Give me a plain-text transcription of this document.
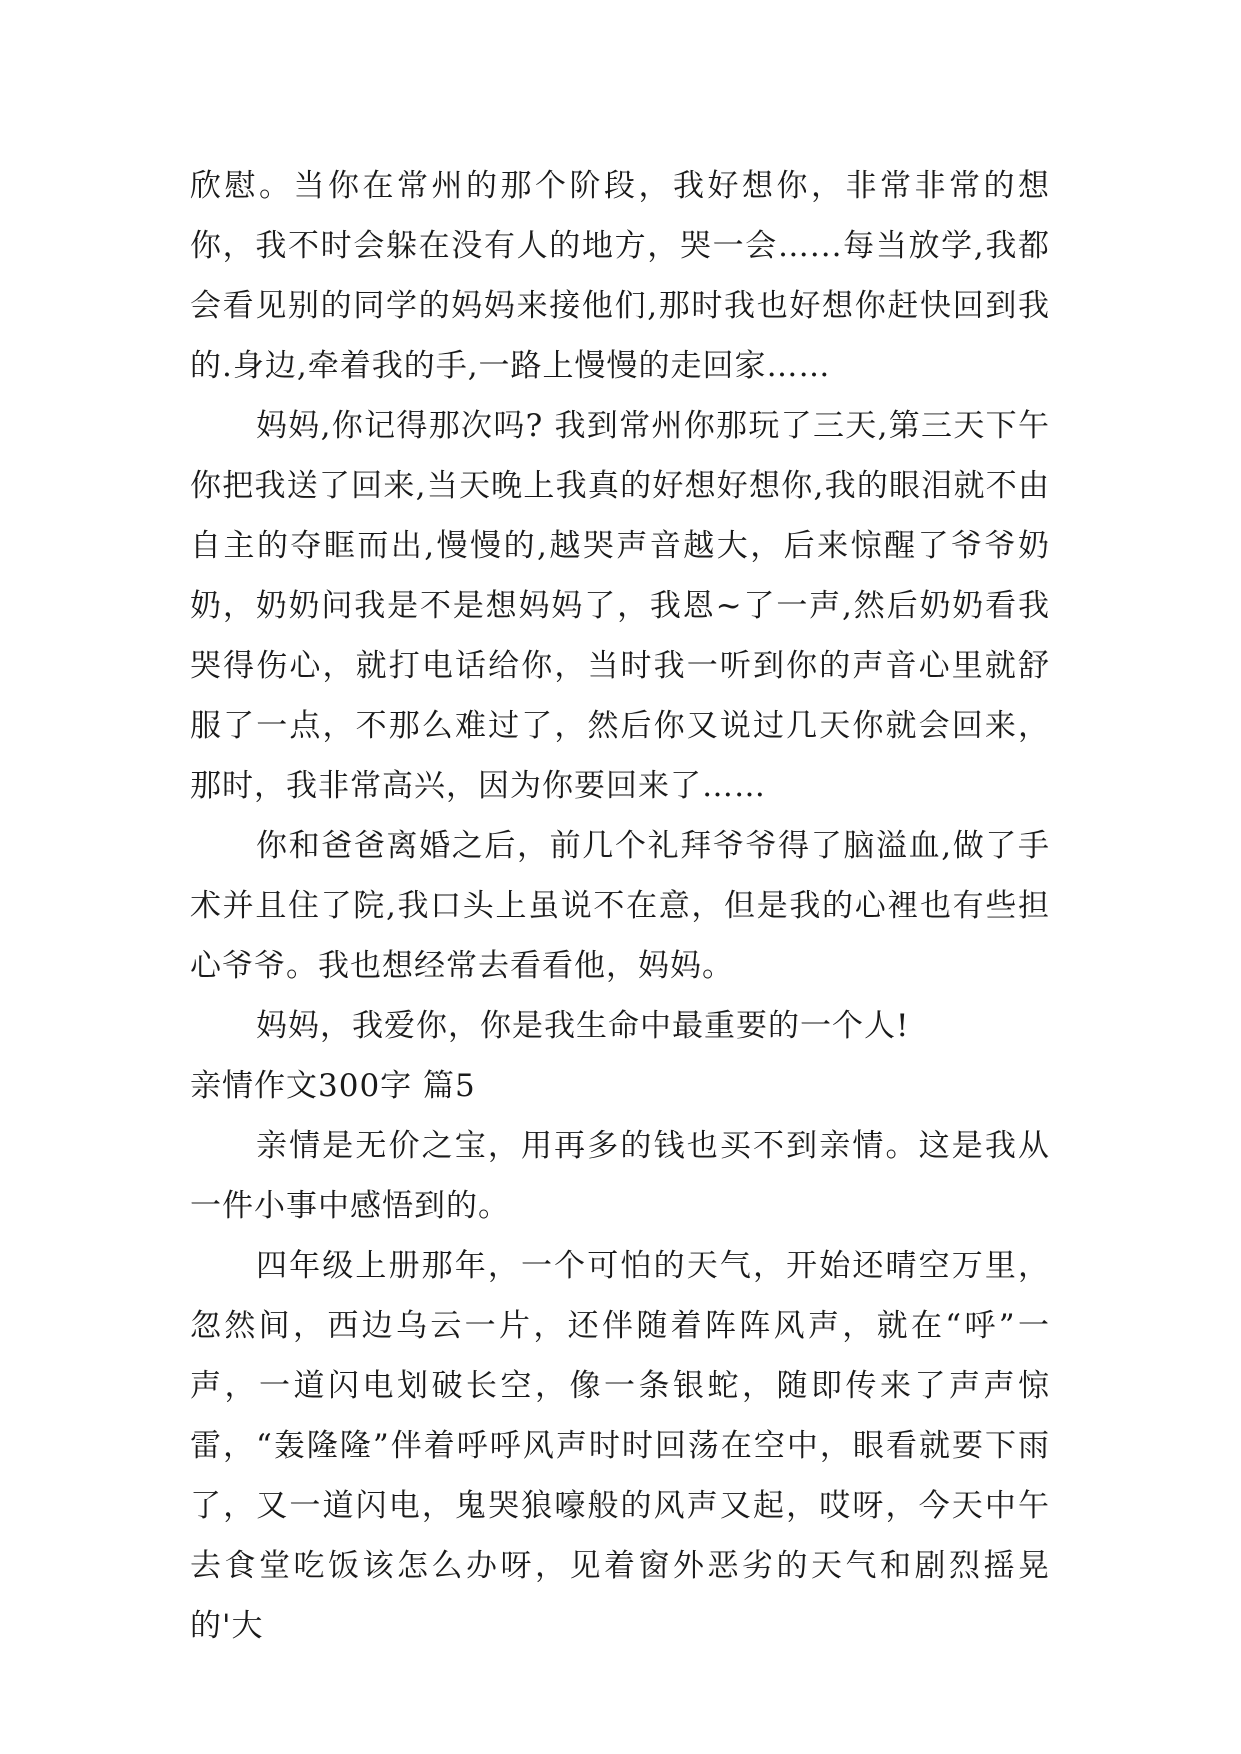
欣慰。当你在常州的那个阶段，我好想你，非常非常的想你，我不时会躲在没有人的地方，哭一会…...每当放学,我都会看见别的同学的妈妈来接他们,那时我也好想你赶快回到我的.身边,牵着我的手,一路上慢慢的走回家……

妈妈,你记得那次吗? 我到常州你那玩了三天,第三天下午你把我送了回来,当天晚上我真的好想好想你,我的眼泪就不由自主的夺眶而出,慢慢的,越哭声音越大，后来惊醒了爷爷奶奶，奶奶问我是不是想妈妈了，我恩~了一声,然后奶奶看我哭得伤心，就打电话给你，当时我一听到你的声音心里就舒服了一点，不那么难过了，然后你又说过几天你就会回来，那时，我非常高兴，因为你要回来了……

你和爸爸离婚之后，前几个礼拜爷爷得了脑溢血,做了手术并且住了院,我口头上虽说不在意，但是我的心裡也有些担心爷爷。我也想经常去看看他，妈妈。

妈妈，我爱你，你是我生命中最重要的一个人!

亲情作文300字 篇5

亲情是无价之宝，用再多的钱也买不到亲情。这是我从一件小事中感悟到的。

四年级上册那年，一个可怕的天气，开始还晴空万里，忽然间，西边乌云一片，还伴随着阵阵风声，就在“呼”一声，一道闪电划破长空，像一条银蛇，随即传来了声声惊雷，“轰隆隆”伴着呼呼风声时时回荡在空中，眼看就要下雨了，又一道闪电，鬼哭狼嚎般的风声又起，哎呀，今天中午去食堂吃饭该怎么办呀，见着窗外恶劣的天气和剧烈摇晃的'大
